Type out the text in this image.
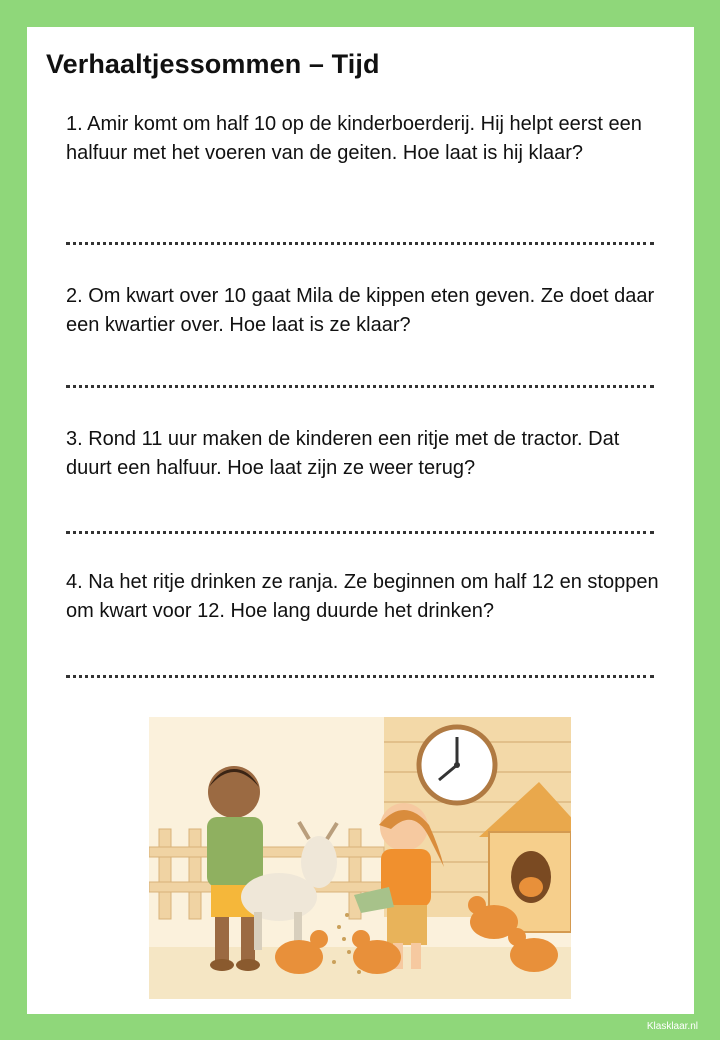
Verhaaltjessommen – Tijd
1. Amir komt om half 10 op de kinderboerderij. Hij helpt eerst een halfuur met het voeren van de geiten. Hoe laat is hij klaar?
2. Om kwart over 10 gaat Mila de kippen eten geven. Ze doet daar een kwartier over. Hoe laat is ze klaar?
3. Rond 11 uur maken de kinderen een ritje met de tractor. Dat duurt een halfuur. Hoe laat zijn ze weer terug?
4. Na het ritje drinken ze ranja. Ze beginnen om half 12 en stoppen om kwart voor 12. Hoe lang duurde het drinken?
Klasklaar.nl
